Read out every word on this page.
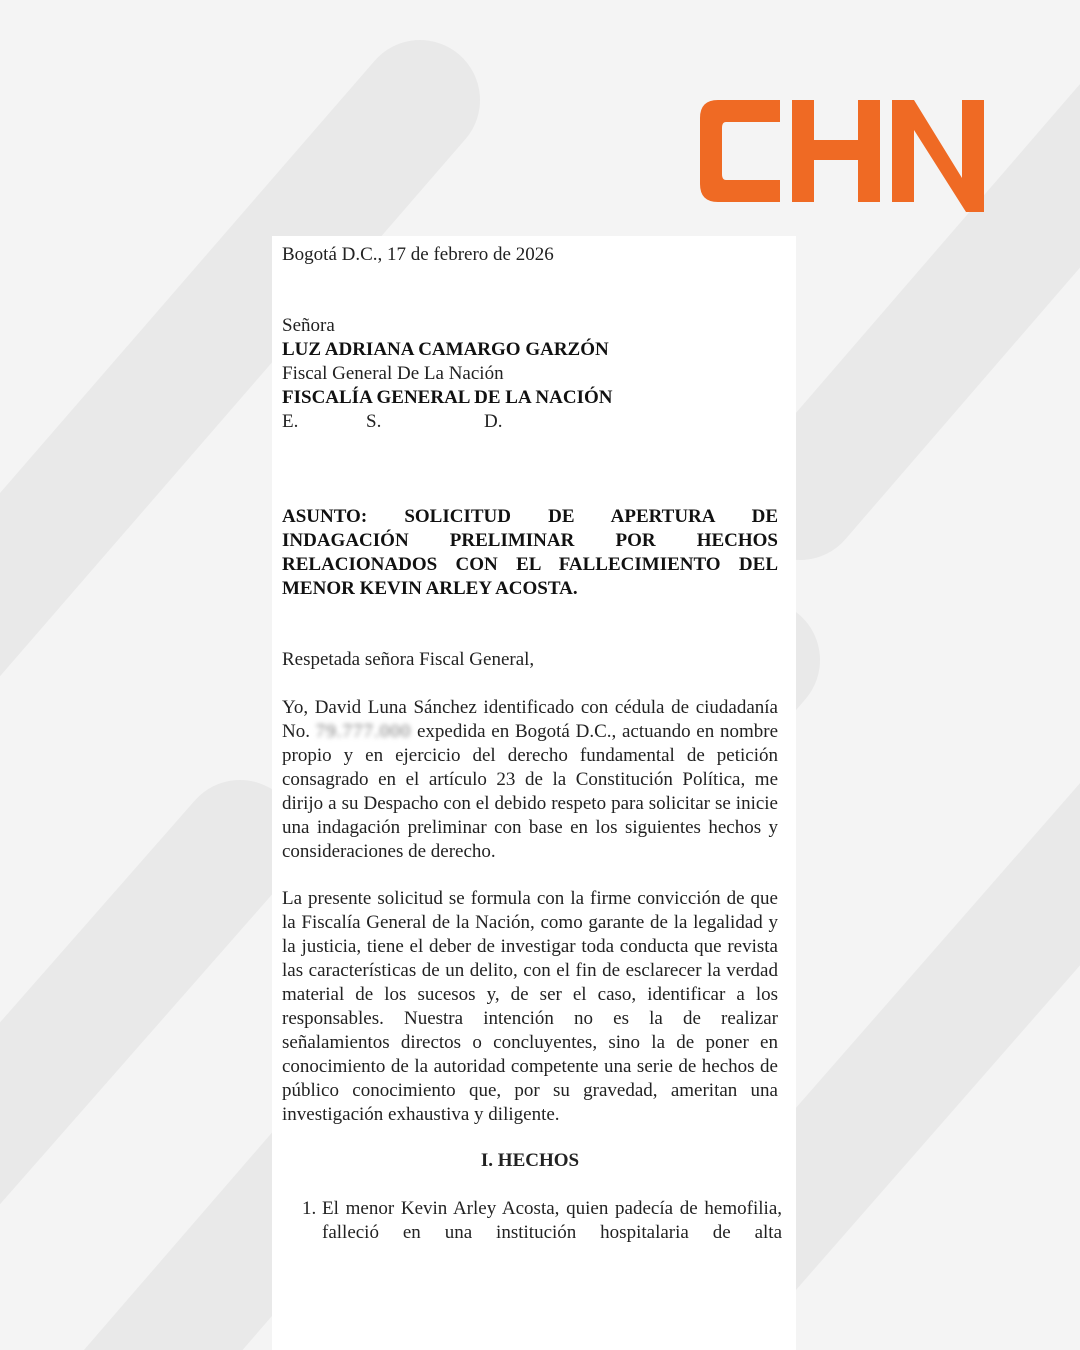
Bogotá D.C., 17 de febrero de 2026

Señora

LUZ ADRIANA CAMARGO GARZÓN

Fiscal General De La Nación

FISCALÍA GENERAL DE LA NACIÓN

E.	S.	D.

ASUNTO: SOLICITUD DE APERTURA DE INDAGACIÓN PRELIMINAR POR HECHOS RELACIONADOS CON EL FALLECIMIENTO DEL MENOR KEVIN ARLEY ACOSTA.

Respetada señora Fiscal General,

Yo, David Luna Sánchez identificado con cédula de ciudadanía No. 79.777.000 expedida en Bogotá D.C., actuando en nombre propio y en ejercicio del derecho fundamental de petición consagrado en el artículo 23 de la Constitución Política, me dirijo a su Despacho con el debido respeto para solicitar se inicie una indagación preliminar con base en los siguientes hechos y consideraciones de derecho.

La presente solicitud se formula con la firme convicción de que la Fiscalía General de la Nación, como garante de la legalidad y la justicia, tiene el deber de investigar toda conducta que revista las características de un delito, con el fin de esclarecer la verdad material de los sucesos y, de ser el caso, identificar a los responsables. Nuestra intención no es la de realizar señalamientos directos o concluyentes, sino la de poner en conocimiento de la autoridad competente una serie de hechos de público conocimiento que, por su gravedad, ameritan una investigación exhaustiva y diligente.

I. HECHOS

1. El menor Kevin Arley Acosta, quien padecía de hemofilia, falleció en una institución hospitalaria de alta
